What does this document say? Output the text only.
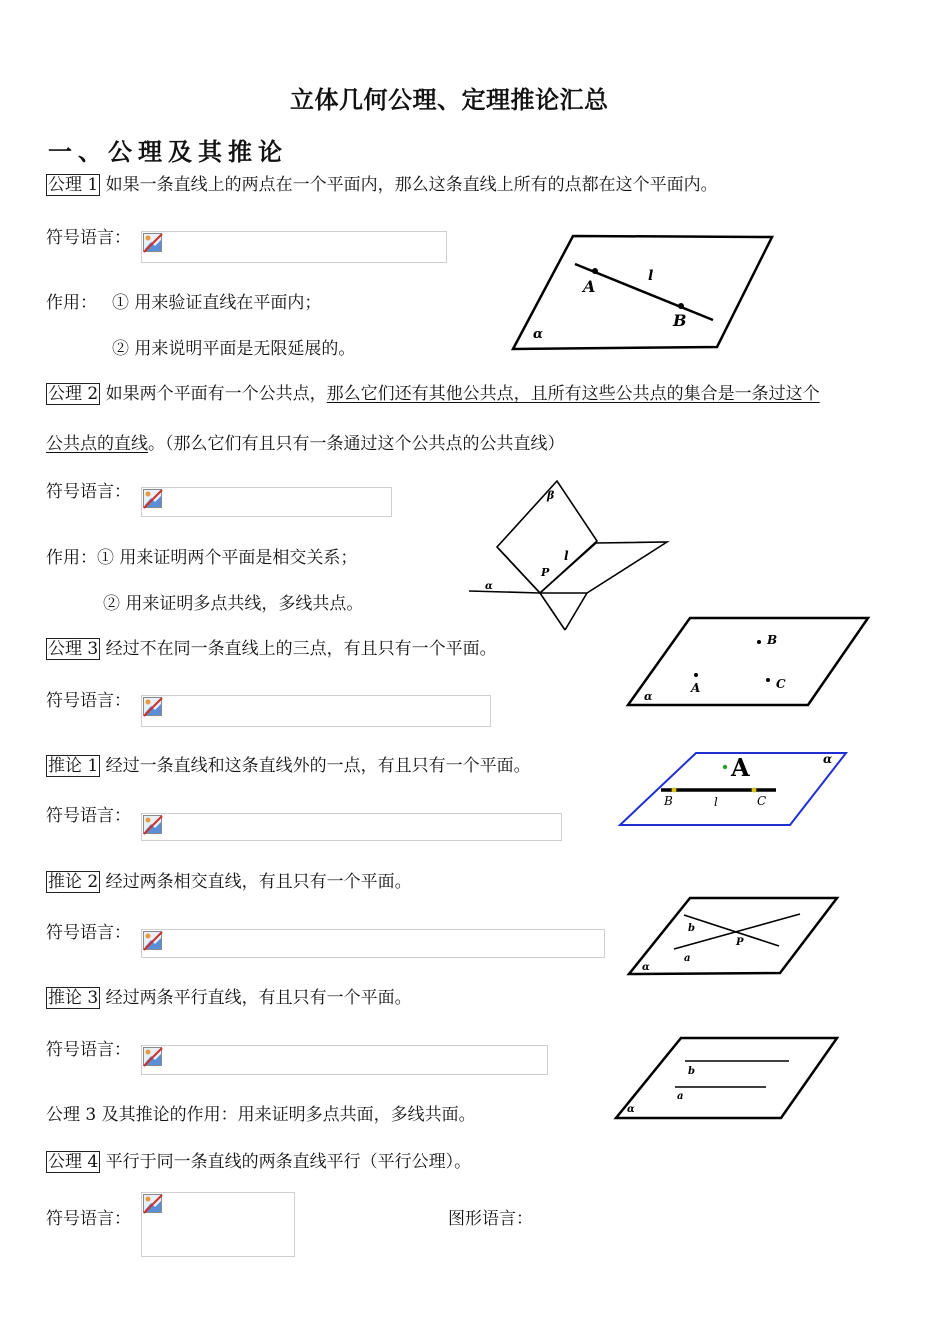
立体几何公理、定理推论汇总
一、公理及其推论
公理 1 如果一条直线上的两点在一个平面内，那么这条直线上所有的点都在这个平面内。
符号语言：
作用： ① 用来验证直线在平面内；
② 用来说明平面是无限延展的。
A
l
B
α
公理 2 如果两个平面有一个公共点，那么它们还有其他公共点，且所有这些公共点的集合是一条过这个
公共点的直线。（那么它们有且只有一条通过这个公共点的公共直线）
符号语言：
作用：① 用来证明两个平面是相交关系；
② 用来证明多点共线，多线共点。
β
l
P
α
公理 3 经过不在同一条直线上的三点，有且只有一个平面。
符号语言：
B
A	C
α
推论 1 经过一条直线和这条直线外的一点，有且只有一个平面。
符号语言：
A
B	l	C
α
推论 2 经过两条相交直线，有且只有一个平面。
符号语言：	b
P
a
α
推论 3 经过两条平行直线，有且只有一个平面。
符号语言：
b
a
α
公理 3 及其推论的作用：用来证明多点共面，多线共面。
公理 4 平行于同一条直线的两条直线平行（平行公理）。
符号语言：	图形语言：
